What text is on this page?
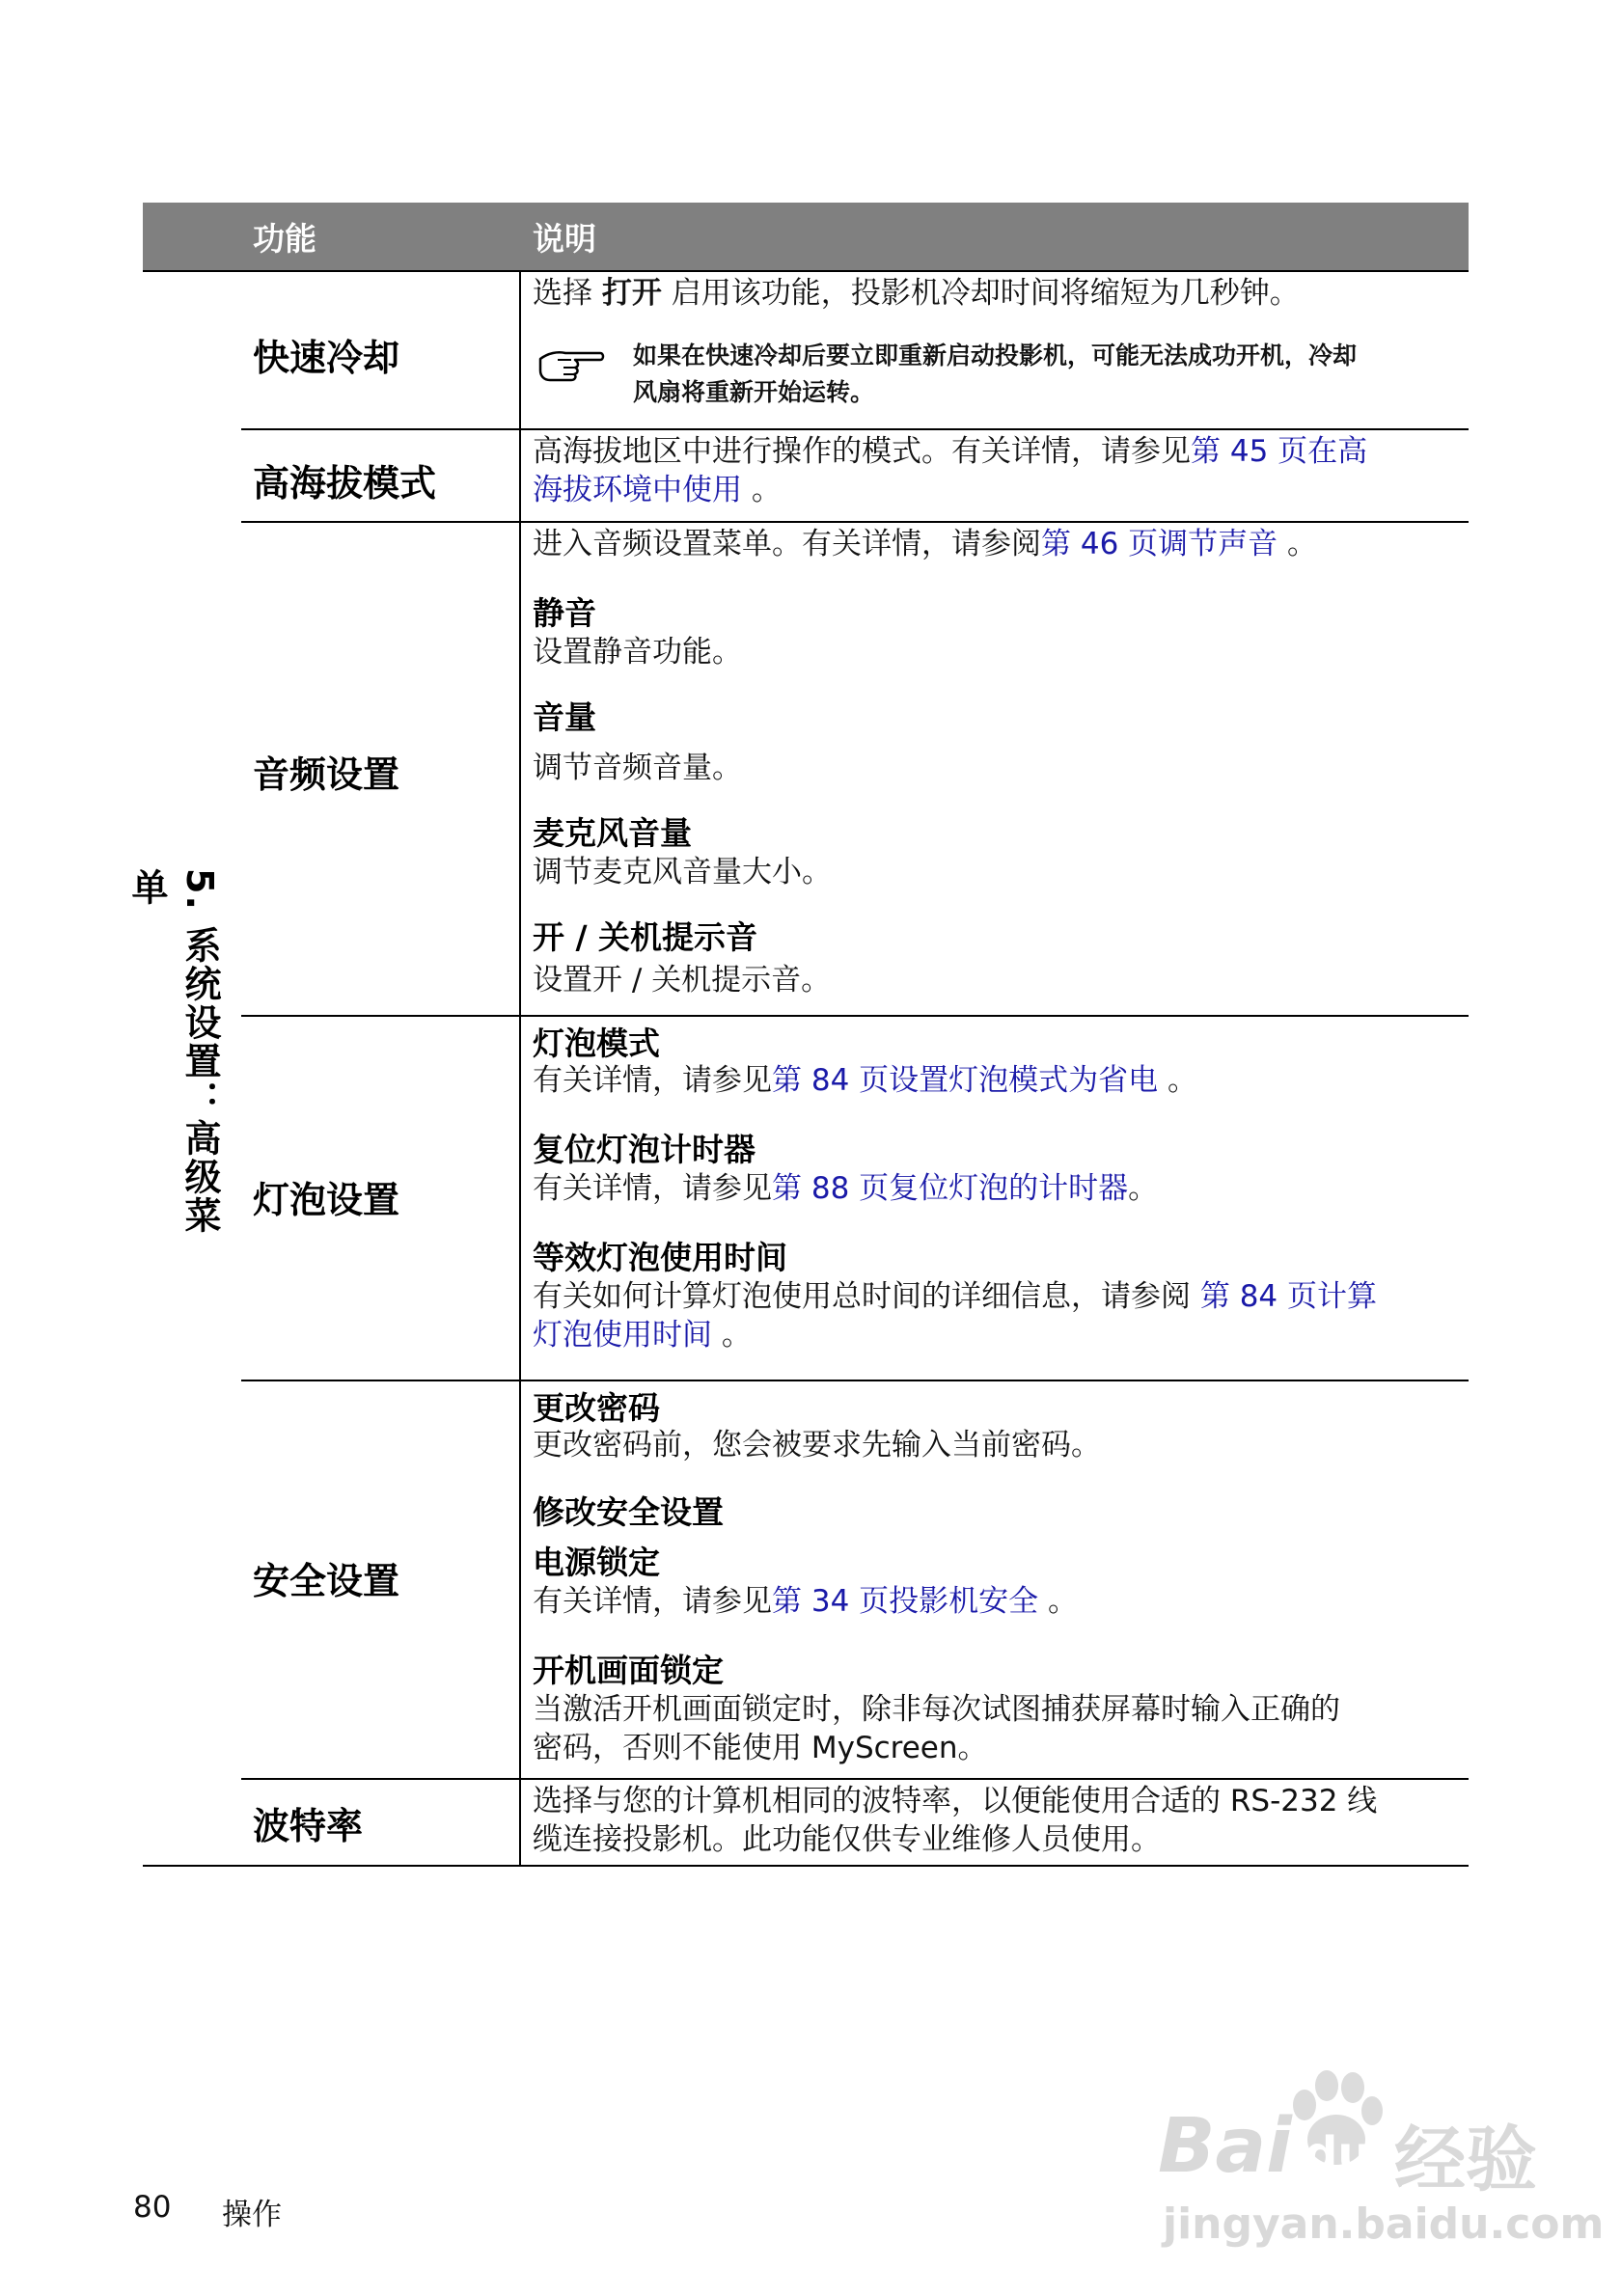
功能	说明
5. 系统设置：高级菜单
快速冷却
选择 打开 启用该功能，投影机冷却时间将缩短为几秒钟。
如果在快速冷却后要立即重新启动投影机，可能无法成功开机，冷却
风扇将重新开始运转。
高海拔模式
高海拔地区中进行操作的模式。有关详情，请参见第 45 页在高
海拔环境中使用 。
音频设置
进入音频设置菜单。有关详情，请参阅第 46 页调节声音 。
静音
设置静音功能。
音量
调节音频音量。
麦克风音量
调节麦克风音量大小。
开 / 关机提示音
设置开 / 关机提示音。
灯泡设置
灯泡模式
有关详情，请参见第 84 页设置灯泡模式为省电 。
复位灯泡计时器
有关详情，请参见第 88 页复位灯泡的计时器。
等效灯泡使用时间
有关如何计算灯泡使用总时间的详细信息，请参阅 第 84 页计算
灯泡使用时间 。
安全设置
更改密码
更改密码前，您会被要求先输入当前密码。
修改安全设置
电源锁定
有关详情，请参见第 34 页投影机安全 。
开机画面锁定
当激活开机画面锁定时，除非每次试图捕获屏幕时输入正确的
密码，否则不能使用 MyScreen。
波特率
选择与您的计算机相同的波特率，以便能使用合适的 RS-232 线
缆连接投影机。此功能仅供专业维修人员使用。
80 操作
Bai du 经验
jingyan.baidu.com
